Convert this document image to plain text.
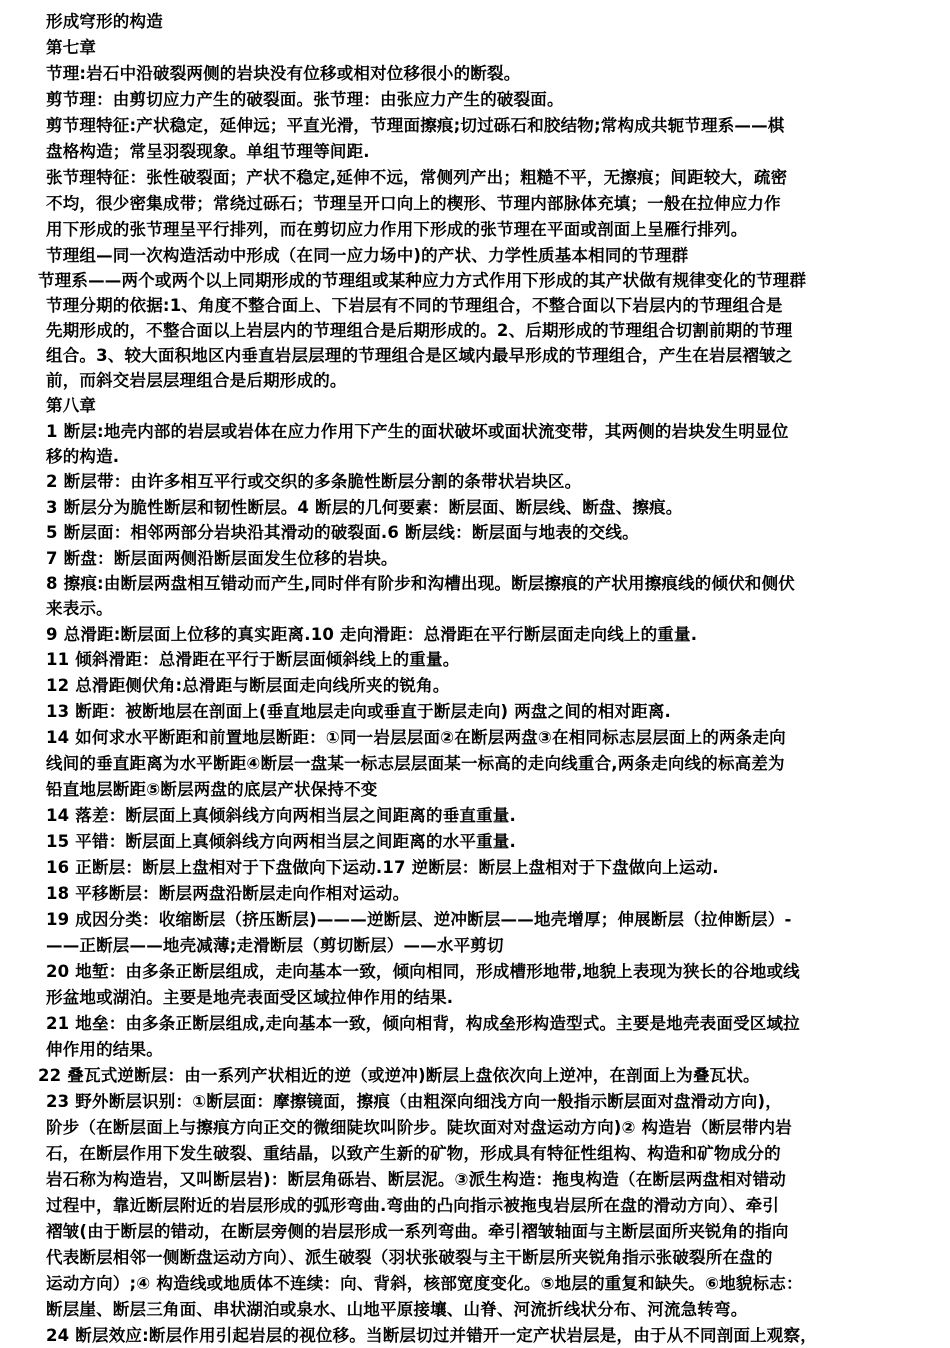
形成穹形的构造
第七章
节理:岩石中沿破裂两侧的岩块没有位移或相对位移很小的断裂。
剪节理：由剪切应力产生的破裂面。张节理：由张应力产生的破裂面。
剪节理特征:产状稳定，延伸远；平直光滑，节理面擦痕;切过砾石和胶结物;常构成共轭节理系——棋
盘格构造；常呈羽裂现象。单组节理等间距.
张节理特征：张性破裂面；产状不稳定,延伸不远，常侧列产出；粗糙不平，无擦痕；间距较大，疏密
不均，很少密集成带；常绕过砾石；节理呈开口向上的楔形、节理内部脉体充填；一般在拉伸应力作
用下形成的张节理呈平行排列，而在剪切应力作用下形成的张节理在平面或剖面上呈雁行排列。
节理组—同一次构造活动中形成（在同一应力场中)的产状、力学性质基本相同的节理群
节理系——两个或两个以上同期形成的节理组或某种应力方式作用下形成的其产状做有规律变化的节理群
节理分期的依据:1、角度不整合面上、下岩层有不同的节理组合，不整合面以下岩层内的节理组合是
先期形成的，不整合面以上岩层内的节理组合是后期形成的。2、后期形成的节理组合切割前期的节理
组合。3、较大面积地区内垂直岩层层理的节理组合是区域内最早形成的节理组合，产生在岩层褶皱之
前，而斜交岩层层理组合是后期形成的。
第八章
1 断层:地壳内部的岩层或岩体在应力作用下产生的面状破坏或面状流变带，其两侧的岩块发生明显位
移的构造.
2 断层带：由许多相互平行或交织的多条脆性断层分割的条带状岩块区。
3 断层分为脆性断层和韧性断层。4 断层的几何要素：断层面、断层线、断盘、擦痕。
5 断层面：相邻两部分岩块沿其滑动的破裂面.6 断层线：断层面与地表的交线。
7 断盘：断层面两侧沿断层面发生位移的岩块。
8 擦痕:由断层两盘相互错动而产生,同时伴有阶步和沟槽出现。断层擦痕的产状用擦痕线的倾伏和侧伏
来表示。
9 总滑距:断层面上位移的真实距离.10 走向滑距：总滑距在平行断层面走向线上的重量.
11 倾斜滑距：总滑距在平行于断层面倾斜线上的重量。
12 总滑距侧伏角:总滑距与断层面走向线所夹的锐角。
13 断距：被断地层在剖面上(垂直地层走向或垂直于断层走向) 两盘之间的相对距离.
14 如何求水平断距和前置地层断距：①同一岩层层面②在断层两盘③在相同标志层层面上的两条走向
线间的垂直距离为水平断距④断层一盘某一标志层层面某一标高的走向线重合,两条走向线的标高差为
铅直地层断距⑤断层两盘的底层产状保持不变
14 落差：断层面上真倾斜线方向两相当层之间距离的垂直重量.
15 平错：断层面上真倾斜线方向两相当层之间距离的水平重量.
16 正断层：断层上盘相对于下盘做向下运动.17 逆断层：断层上盘相对于下盘做向上运动.
18 平移断层：断层两盘沿断层走向作相对运动。
19 成因分类：收缩断层（挤压断层)———逆断层、逆冲断层——地壳增厚；伸展断层（拉伸断层）-
——正断层——地壳减薄;走滑断层（剪切断层）——水平剪切
20 地堑：由多条正断层组成，走向基本一致，倾向相同，形成槽形地带,地貌上表现为狭长的谷地或线
形盆地或湖泊。主要是地壳表面受区域拉伸作用的结果.
21 地垒：由多条正断层组成,走向基本一致，倾向相背，构成垒形构造型式。主要是地壳表面受区域拉
伸作用的结果。
22 叠瓦式逆断层：由一系列产状相近的逆（或逆冲)断层上盘依次向上逆冲，在剖面上为叠瓦状。
23 野外断层识别：①断层面：摩擦镜面，擦痕（由粗深向细浅方向一般指示断层面对盘滑动方向)，
阶步（在断层面上与擦痕方向正交的微细陡坎叫阶步。陡坎面对对盘运动方向)② 构造岩（断层带内岩
石，在断层作用下发生破裂、重结晶，以致产生新的矿物，形成具有特征性组构、构造和矿物成分的
岩石称为构造岩，又叫断层岩)：断层角砾岩、断层泥。③派生构造：拖曳构造（在断层两盘相对错动
过程中，靠近断层附近的岩层形成的弧形弯曲.弯曲的凸向指示被拖曳岩层所在盘的滑动方向）、牵引
褶皱(由于断层的错动，在断层旁侧的岩层形成一系列弯曲。牵引褶皱轴面与主断层面所夹锐角的指向
代表断层相邻一侧断盘运动方向）、派生破裂（羽状张破裂与主干断层所夹锐角指示张破裂所在盘的
运动方向）;④ 构造线或地质体不连续：向、背斜，核部宽度变化。⑤地层的重复和缺失。⑥地貌标志：
断层崖、断层三角面、串状湖泊或泉水、山地平原接壤、山脊、河流折线状分布、河流急转弯。
24 断层效应:断层作用引起岩层的视位移。当断层切过并错开一定产状岩层是，由于从不同剖面上观察，
